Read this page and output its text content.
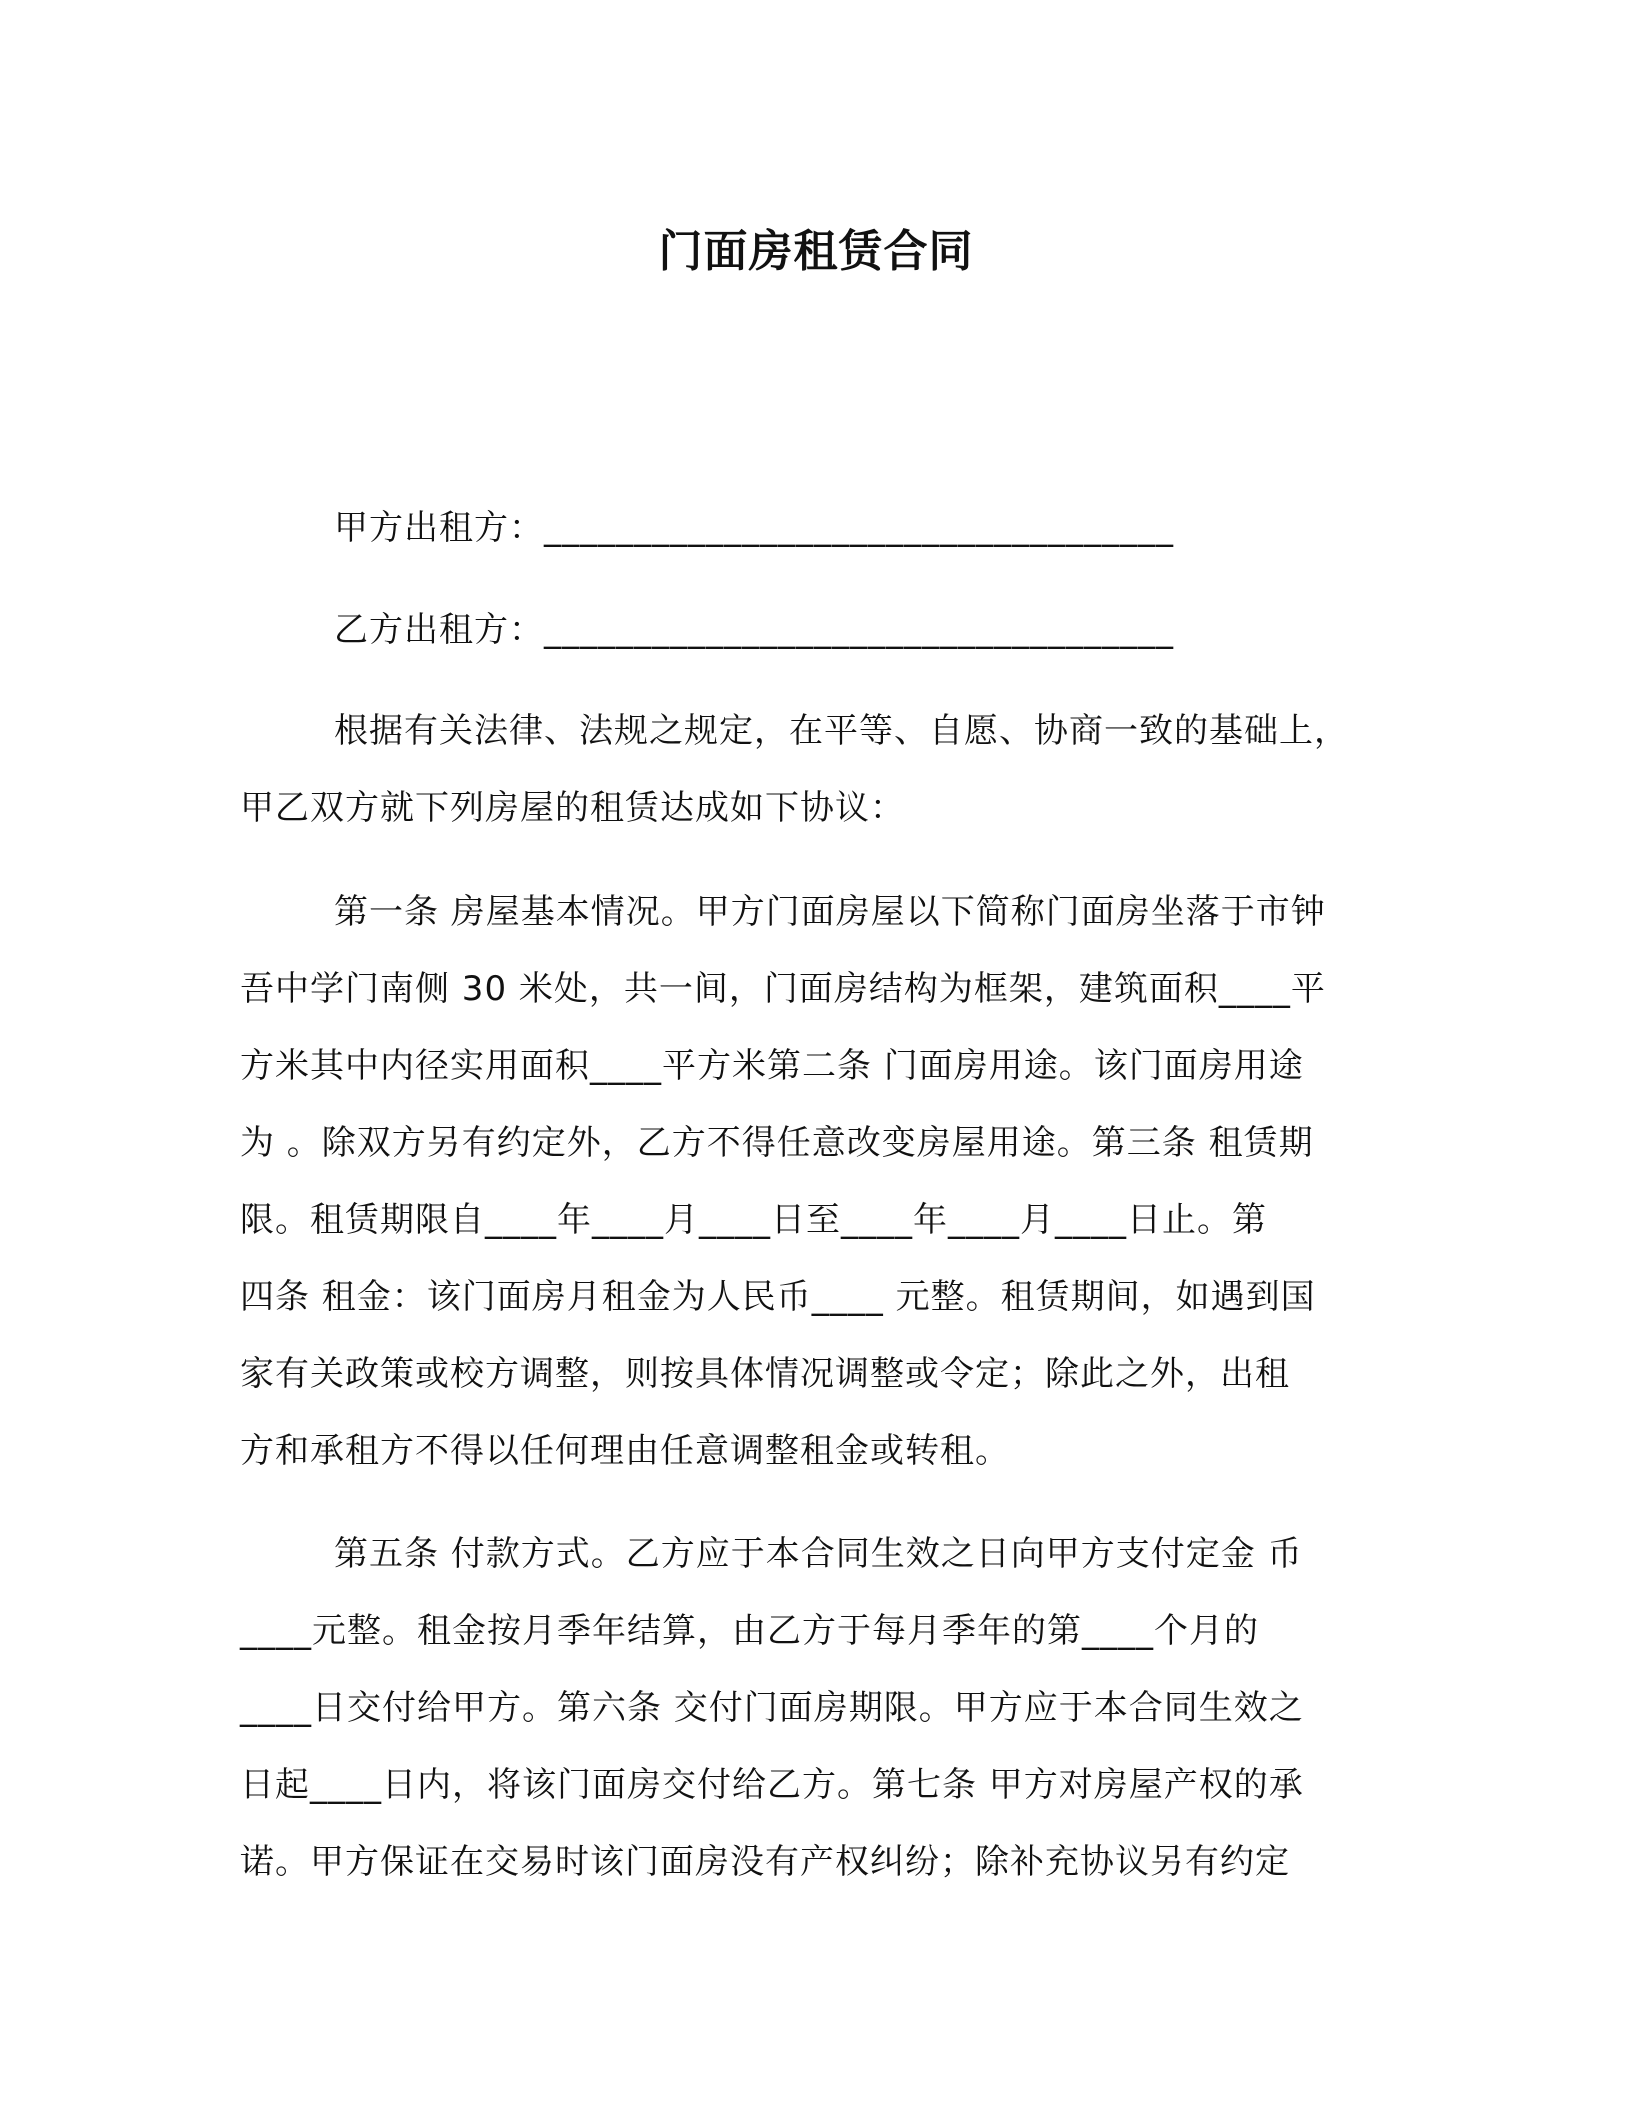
门面房租赁合同
甲方出租方：___________________________________
乙方出租方：___________________________________
根据有关法律、法规之规定，在平等、自愿、协商一致的基础上，
甲乙双方就下列房屋的租赁达成如下协议：
第一条 房屋基本情况。甲方门面房屋以下简称门面房坐落于市钟
吾中学门南侧 30 米处，共一间，门面房结构为框架，建筑面积____平
方米其中内径实用面积____平方米第二条 门面房用途。该门面房用途
为 。除双方另有约定外，乙方不得任意改变房屋用途。第三条 租赁期
限。租赁期限自____年____月____日至____年____月____日止。第
四条 租金：该门面房月租金为人民币____ 元整。租赁期间，如遇到国
家有关政策或校方调整，则按具体情况调整或令定；除此之外，出租
方和承租方不得以任何理由任意调整租金或转租。
第五条 付款方式。乙方应于本合同生效之日向甲方支付定金 币
____元整。租金按月季年结算，由乙方于每月季年的第____个月的
____日交付给甲方。第六条 交付门面房期限。甲方应于本合同生效之
日起____日内，将该门面房交付给乙方。第七条 甲方对房屋产权的承
诺。甲方保证在交易时该门面房没有产权纠纷；除补充协议另有约定
